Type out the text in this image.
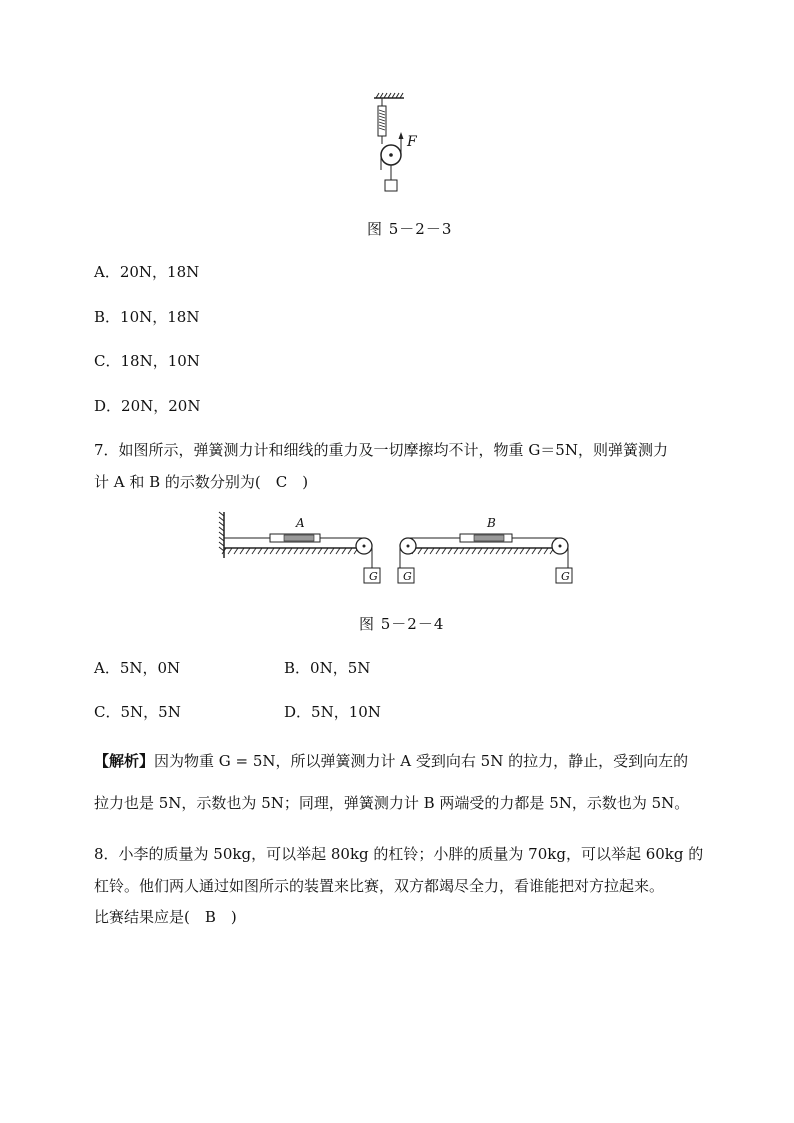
F
图 5－2－3
A．20N，18N
B．10N，18N
C．18N，10N
D．20N，20N
7．如图所示，弹簧测力计和细线的重力及一切摩擦均不计，物重 G＝5N，则弹簧测力
计 A 和 B 的示数分别为(　C　)
A	B
G G	G
图 5－2－4
A．5N，0N	B．0N，5N
C．5N，5N	D．5N，10N
【解析】因为物重 G = 5N，所以弹簧测力计 A 受到向右 5N 的拉力，静止，受到向左的
拉力也是 5N，示数也为 5N；同理，弹簧测力计 B 两端受的力都是 5N，示数也为 5N。
8．小李的质量为 50kg，可以举起 80kg 的杠铃；小胖的质量为 70kg，可以举起 60kg 的
杠铃。他们两人通过如图所示的装置来比赛，双方都竭尽全力，看谁能把对方拉起来。
比赛结果应是(　B　)
